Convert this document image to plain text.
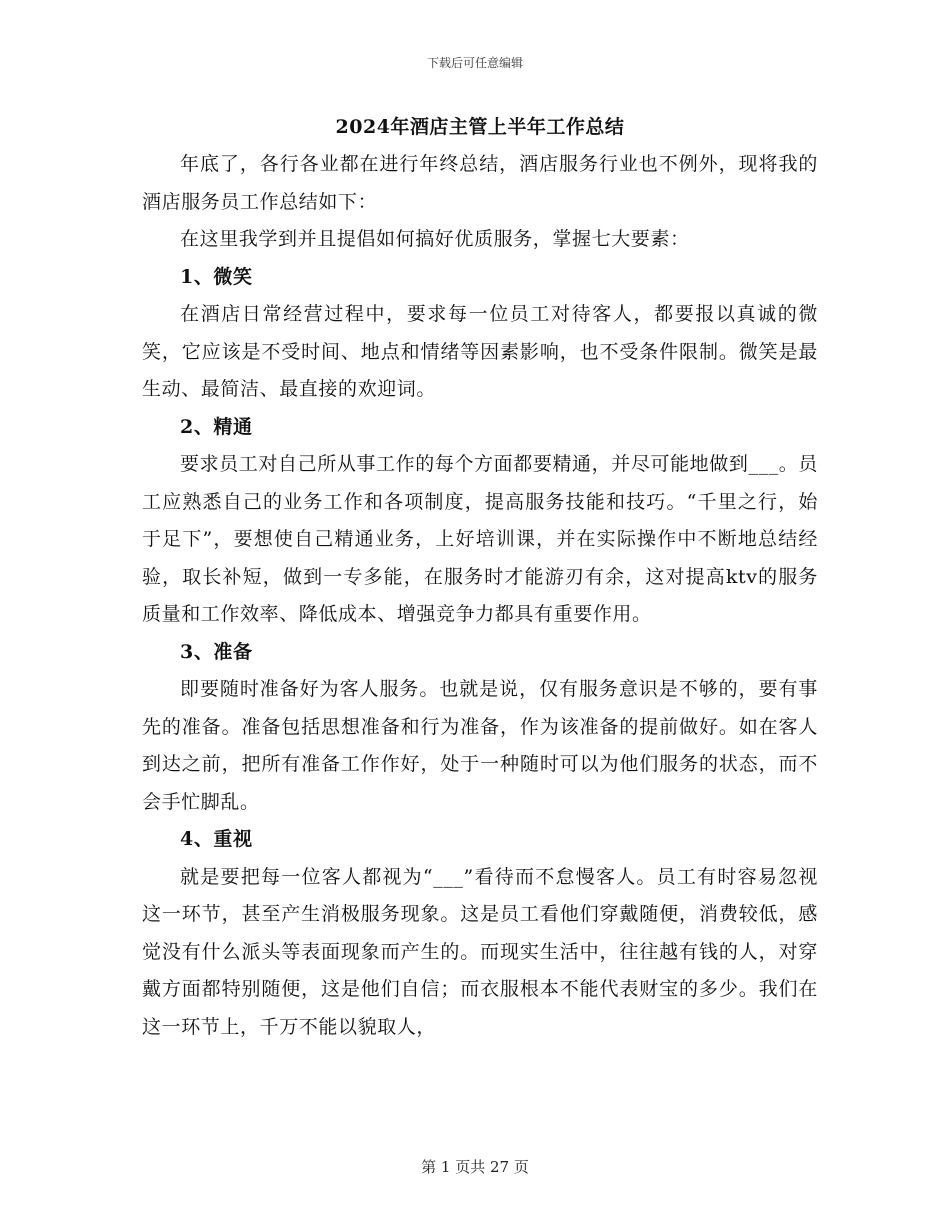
下载后可任意编辑
2024年酒店主管上半年工作总结

年底了，各行各业都在进行年终总结，酒店服务行业也不例外，现将我的酒店服务员工作总结如下：

在这里我学到并且提倡如何搞好优质服务，掌握七大要素：

1、微笑

在酒店日常经营过程中，要求每一位员工对待客人，都要报以真诚的微笑，它应该是不受时间、地点和情绪等因素影响，也不受条件限制。微笑是最生动、最简洁、最直接的欢迎词。

2、精通

要求员工对自己所从事工作的每个方面都要精通，并尽可能地做到___。员工应熟悉自己的业务工作和各项制度，提高服务技能和技巧。“千里之行，始于足下”，要想使自己精通业务，上好培训课，并在实际操作中不断地总结经验，取长补短，做到一专多能，在服务时才能游刃有余，这对提高ktv的服务质量和工作效率、降低成本、增强竞争力都具有重要作用。

3、准备

即要随时准备好为客人服务。也就是说，仅有服务意识是不够的，要有事先的准备。准备包括思想准备和行为准备，作为该准备的提前做好。如在客人到达之前，把所有准备工作作好，处于一种随时可以为他们服务的状态，而不会手忙脚乱。

4、重视

就是要把每一位客人都视为“___”看待而不怠慢客人。员工有时容易忽视这一环节，甚至产生消极服务现象。这是员工看他们穿戴随便，消费较低，感觉没有什么派头等表面现象而产生的。而现实生活中，往往越有钱的人，对穿戴方面都特别随便，这是他们自信；而衣服根本不能代表财宝的多少。我们在这一环节上，千万不能以貌取人，

第 1 页共 27 页
